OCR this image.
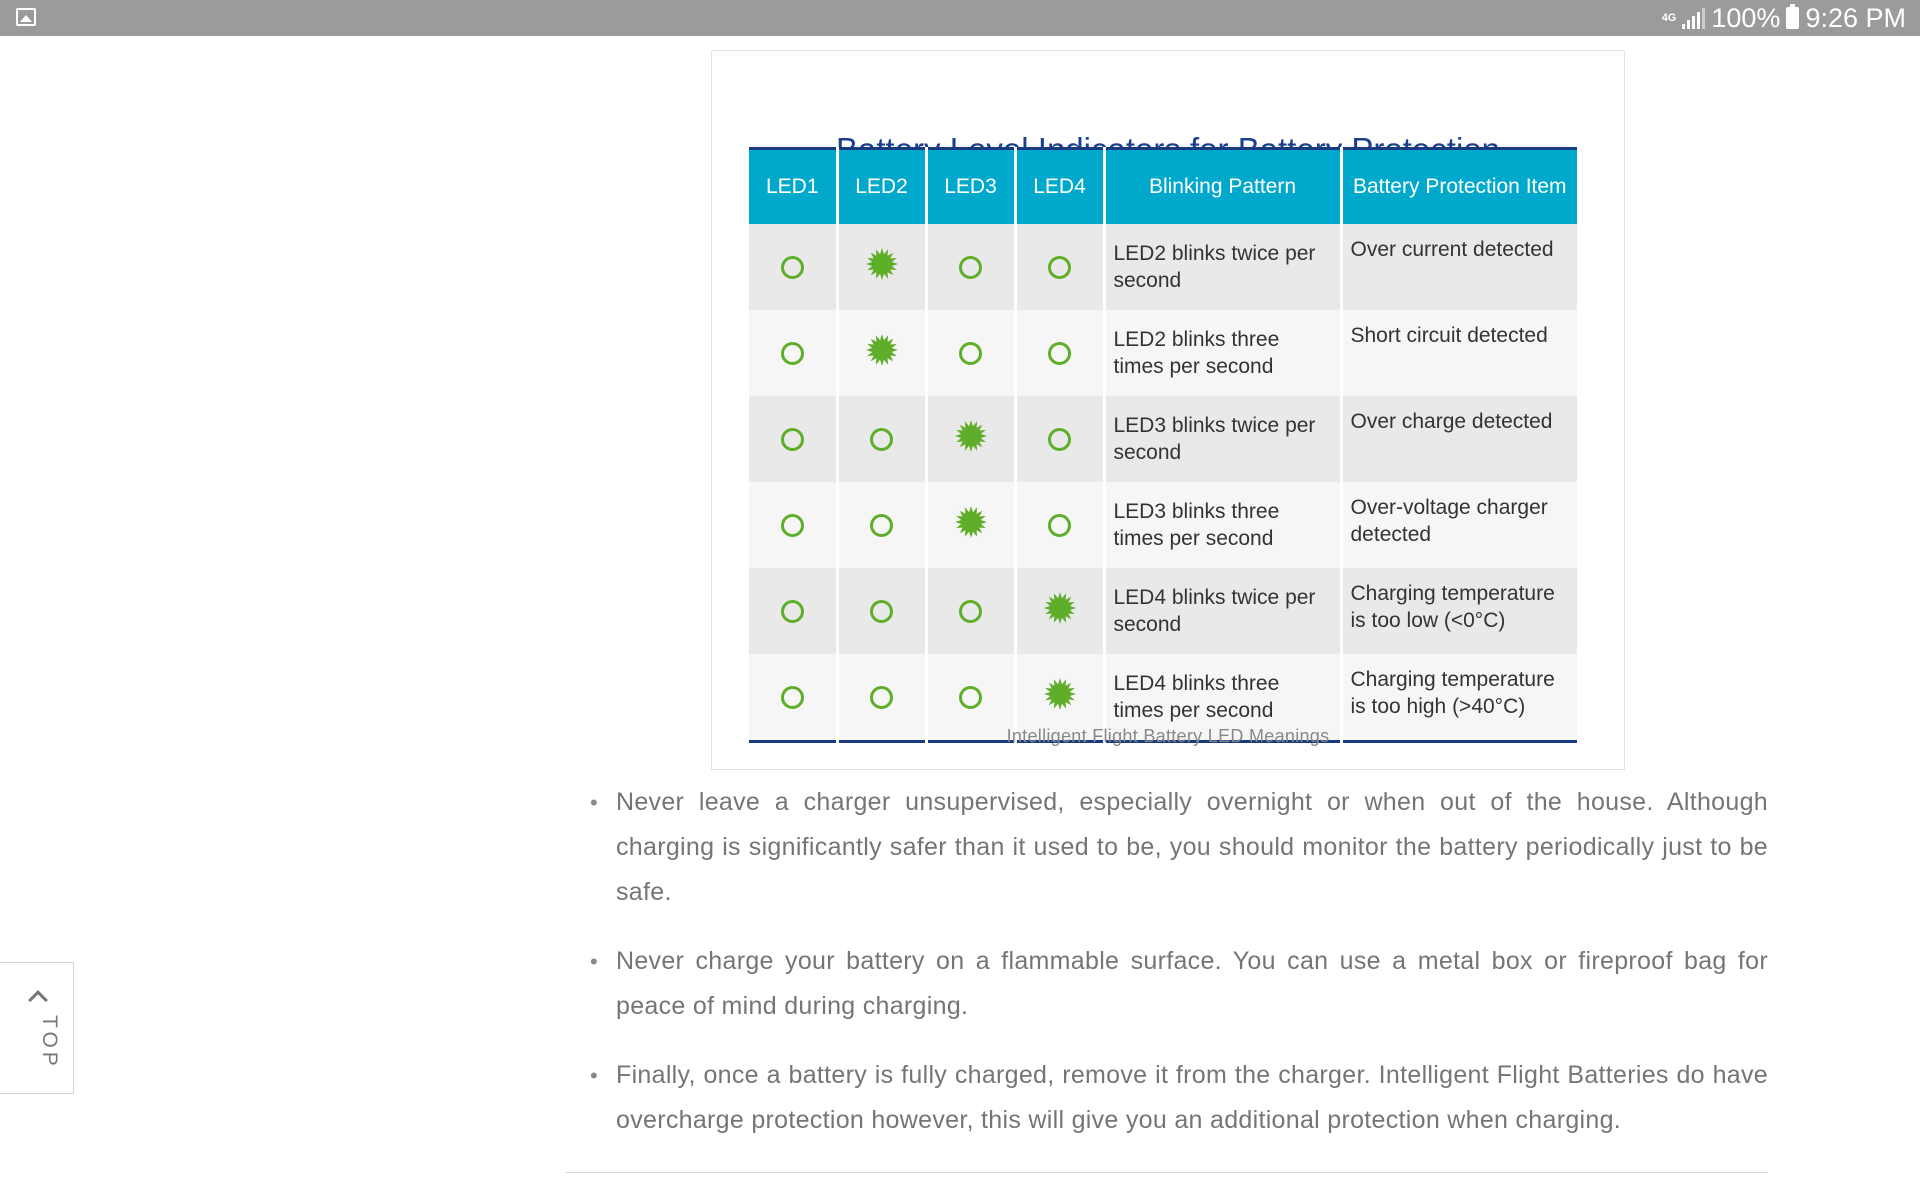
4G 100% 9:26 PM
LED1	LED2	LED3	LED4	Blinking Pattern	Battery Protection Item
				LED2 blinks twice per second	Over current detected
				LED2 blinks three times per second	Short circuit detected
				LED3 blinks twice per second	Over charge detected
				LED3 blinks three times per second	Over-voltage charger detected
				LED4 blinks twice per second	Charging temperature is too low (<0°C)
				LED4 blinks three times per second	Charging temperature is too high (>40°C)
Intelligent Flight Battery LED Meanings
• Never leave a charger unsupervised, especially overnight or when out of the house. Although charging is significantly safer than it used to be, you should monitor the battery periodically just to be safe.
• Never charge your battery on a flammable surface. You can use a metal box or fireproof bag for peace of mind during charging.
• Finally, once a battery is fully charged, remove it from the charger. Intelligent Flight Batteries do have overcharge protection however, this will give you an additional protection when charging.
TOP
